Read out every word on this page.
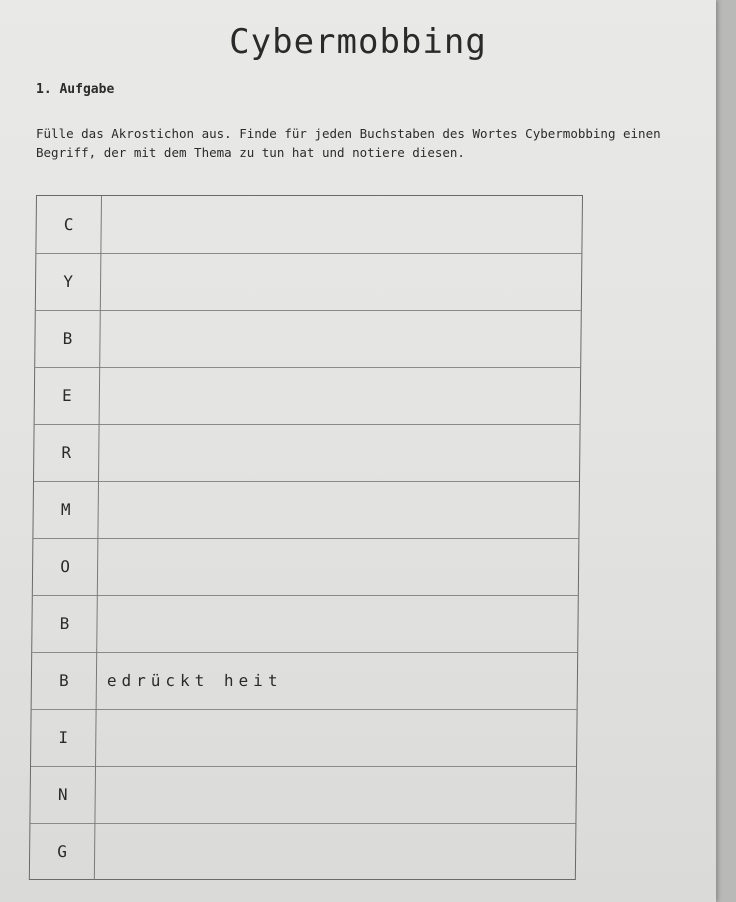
Cybermobbing
1. Aufgabe
Fülle das Akrostichon aus. Finde für jeden Buchstaben des Wortes Cybermobbing einen Begriff, der mit dem Thema zu tun hat und notiere diesen.
C
Y
B
E
R
M
O
B
B	edrückt heit
I
N
G
